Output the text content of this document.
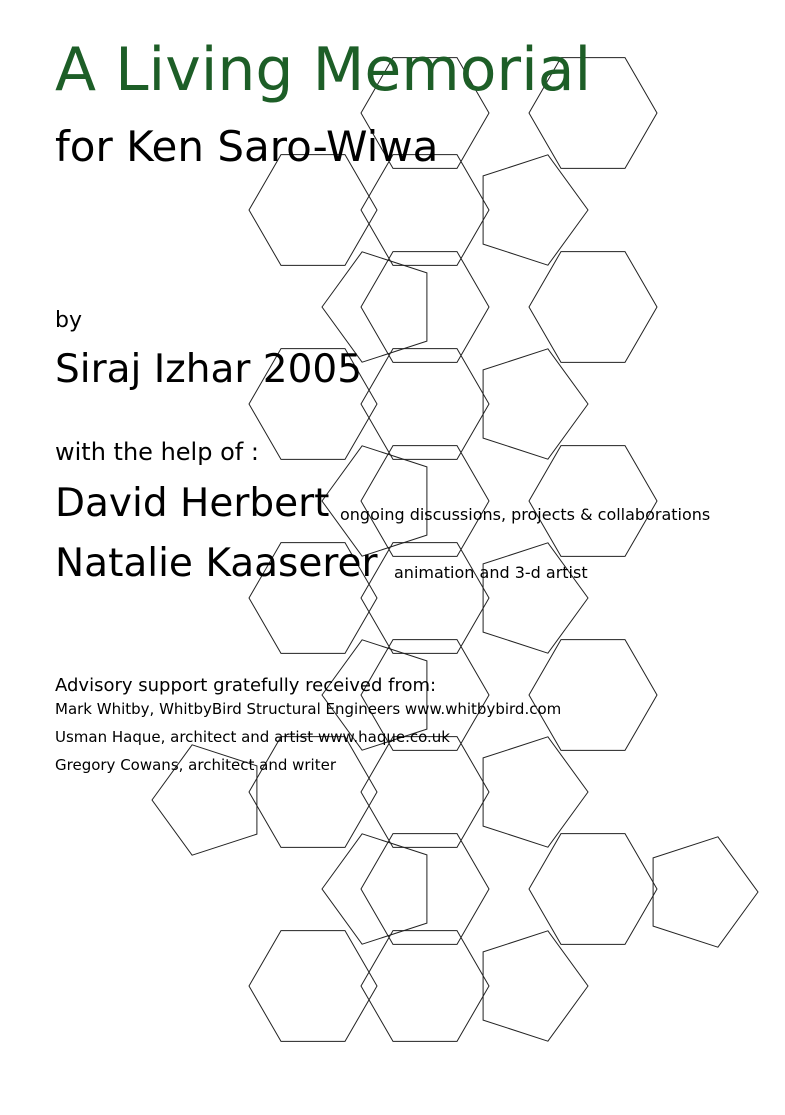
A Living Memorial
for Ken Saro-Wiwa
by
Siraj Izhar 2005
with the help of :
David Herbert ongoing discussions, projects & collaborations
Natalie Kaaserer animation and 3-d artist
Advisory support gratefully received from:
Mark Whitby, WhitbyBird Structural Engineers www.whitbybird.com
Usman Haque, architect and artist www.haque.co.uk
Gregory Cowans, architect and writer
